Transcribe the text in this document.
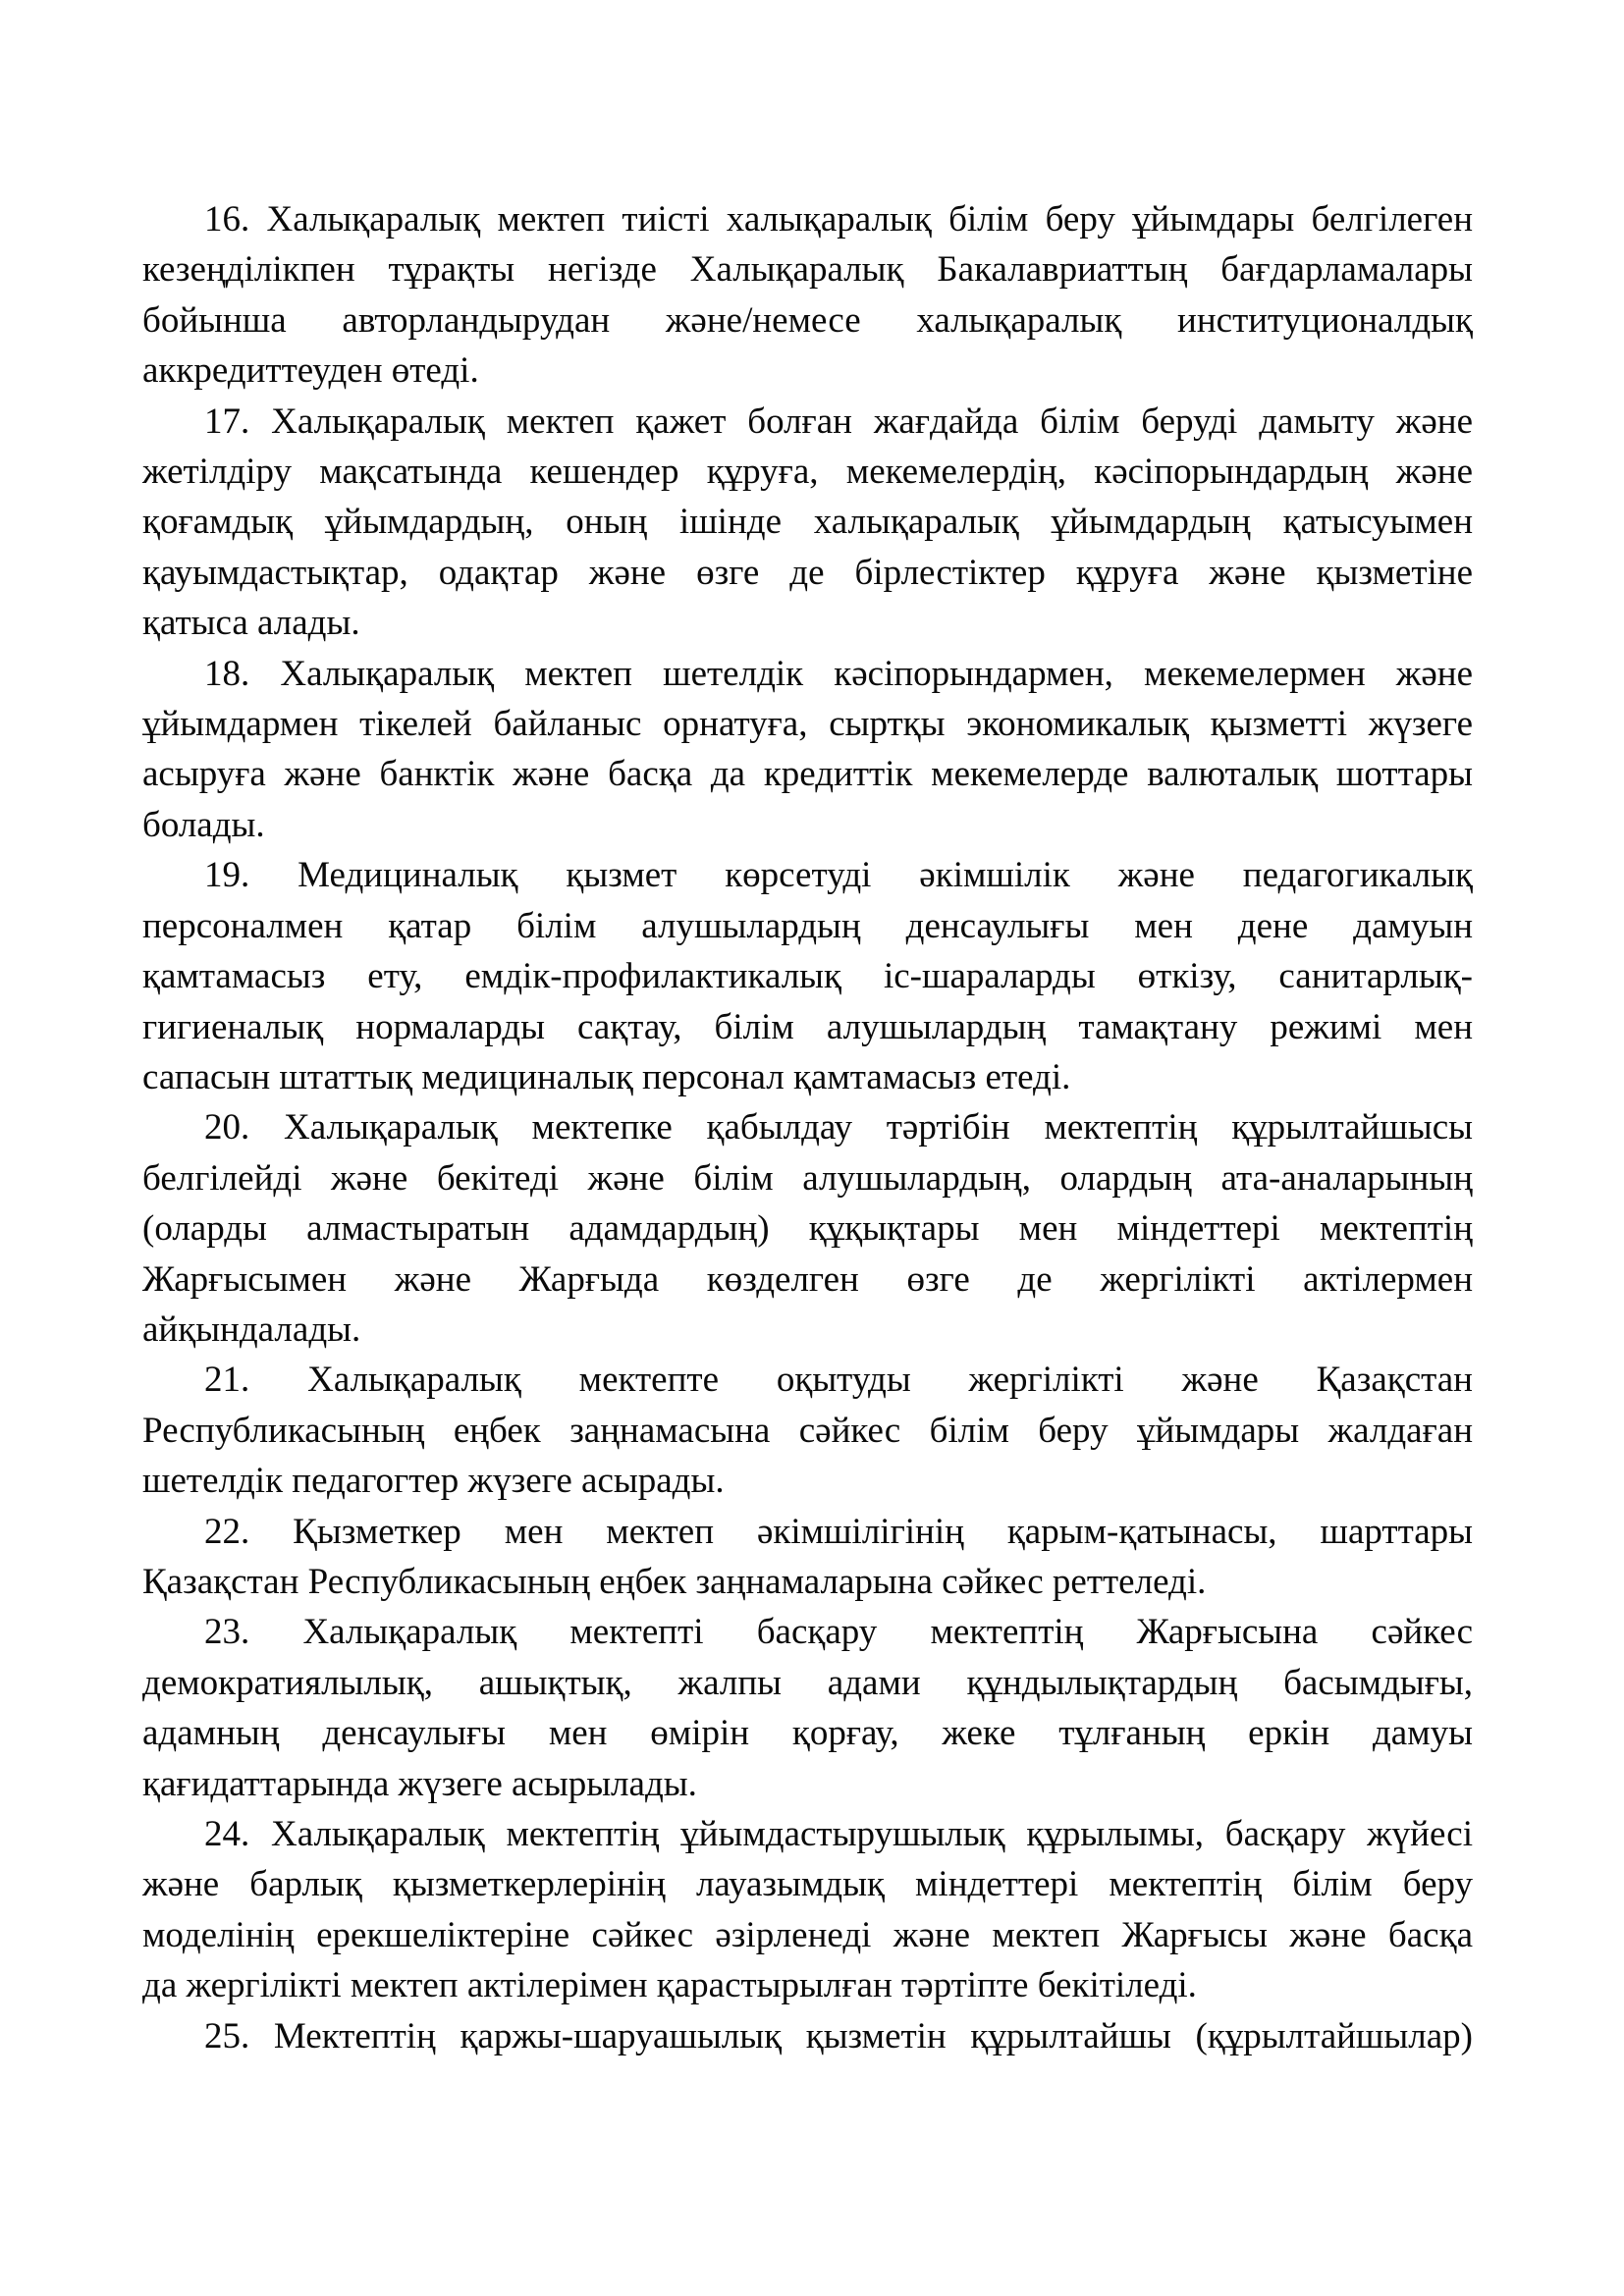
16. Халықаралық мектеп тиісті халықаралық білім беру ұйымдары белгілеген
кезеңділікпен тұрақты негізде Халықаралық Бакалавриаттың бағдарламалары
бойынша авторландырудан және/немесе халықаралық институционалдық
аккредиттеуден өтеді.
17. Халықаралық мектеп қажет болған жағдайда білім беруді дамыту және
жетілдіру мақсатында кешендер құруға, мекемелердің, кәсіпорындардың және
қоғамдық ұйымдардың, оның ішінде халықаралық ұйымдардың қатысуымен
қауымдастықтар, одақтар және өзге де бірлестіктер құруға және қызметіне
қатыса алады.
18. Халықаралық мектеп шетелдік кәсіпорындармен, мекемелермен және
ұйымдармен тікелей байланыс орнатуға, сыртқы экономикалық қызметті жүзеге
асыруға және банктік және басқа да кредиттік мекемелерде валюталық шоттары
болады.
19. Медициналық қызмет көрсетуді әкімшілік және педагогикалық
персоналмен қатар білім алушылардың денсаулығы мен дене дамуын
қамтамасыз ету, емдік-профилактикалық іс-шараларды өткізу, санитарлық-
гигиеналық нормаларды сақтау, білім алушылардың тамақтану режимі мен
сапасын штаттық медициналық персонал қамтамасыз етеді.
20. Халықаралық мектепке қабылдау тәртібін мектептің құрылтайшысы
белгілейді және бекітеді және білім алушылардың, олардың ата-аналарының
(оларды алмастыратын адамдардың) құқықтары мен міндеттері мектептің
Жарғысымен және Жарғыда көзделген өзге де жергілікті актілермен
айқындалады.
21. Халықаралық мектепте оқытуды жергілікті және Қазақстан
Республикасының еңбек заңнамасына сәйкес білім беру ұйымдары жалдаған
шетелдік педагогтер жүзеге асырады.
22. Қызметкер мен мектеп әкімшілігінің қарым-қатынасы, шарттары
Қазақстан Республикасының еңбек заңнамаларына сәйкес реттеледі.
23. Халықаралық мектепті басқару мектептің Жарғысына сәйкес
демократиялылық, ашықтық, жалпы адами құндылықтардың басымдығы,
адамның денсаулығы мен өмірін қорғау, жеке тұлғаның еркін дамуы
қағидаттарында жүзеге асырылады.
24. Халықаралық мектептің ұйымдастырушылық құрылымы, басқару жүйесі
және барлық қызметкерлерінің лауазымдық міндеттері мектептің білім беру
моделінің ерекшеліктеріне сәйкес әзірленеді және мектеп Жарғысы және басқа
да жергілікті мектеп актілерімен қарастырылған тәртіпте бекітіледі.
25. Мектептің қаржы-шаруашылық қызметін құрылтайшы (құрылтайшылар)
